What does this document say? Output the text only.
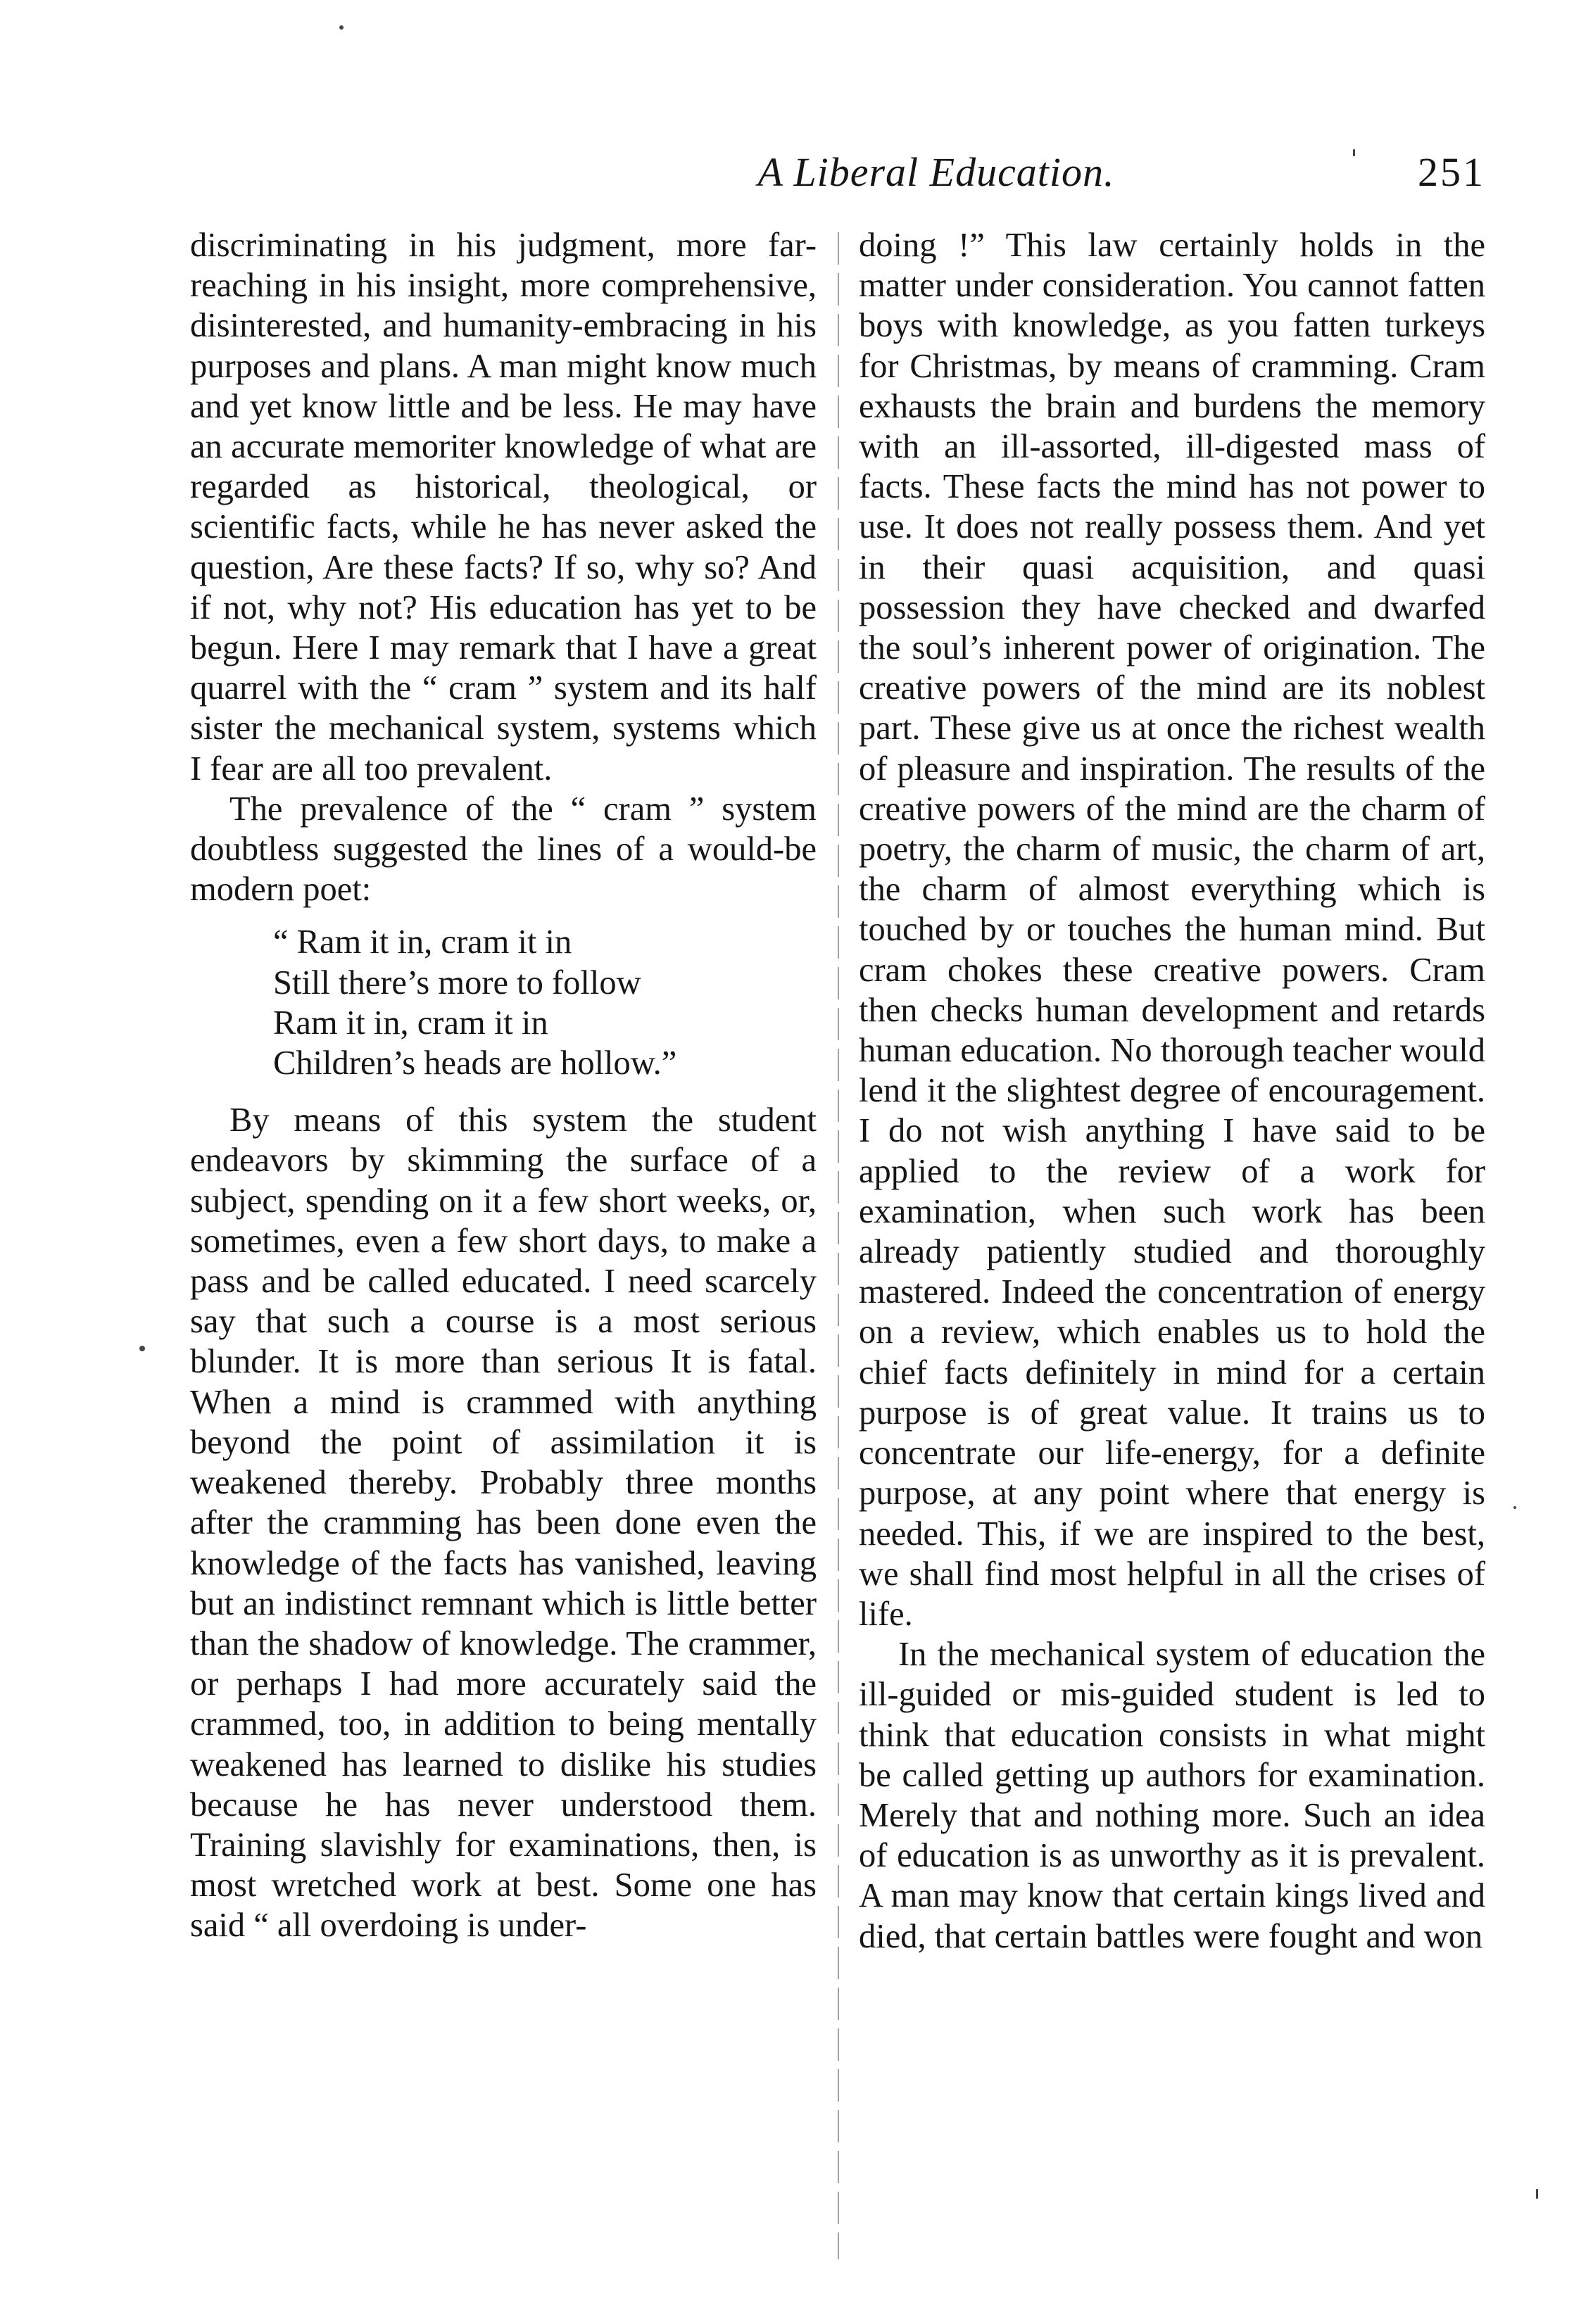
A Liberal Education.	251

discriminating in his judgment, more far-reaching in his insight, more comprehensive, disinterested, and humanity-embracing in his purposes and plans. A man might know much and yet know little and be less. He may have an accurate memoriter knowledge of what are regarded as historical, theological, or scientific facts, while he has never asked the question, Are these facts? If so, why so? And if not, why not? His education has yet to be begun. Here I may remark that I have a great quarrel with the “ cram ” system and its half sister the mechanical system, systems which I fear are all too prevalent.

The prevalence of the “ cram ” system doubtless suggested the lines of a would-be modern poet:

“ Ram it in, cram it in
Still there’s more to follow
Ram it in, cram it in
Children’s heads are hollow.”

By means of this system the student endeavors by skimming the surface of a subject, spending on it a few short weeks, or, sometimes, even a few short days, to make a pass and be called educated. I need scarcely say that such a course is a most serious blunder. It is more than serious It is fatal. When a mind is crammed with anything beyond the point of assimilation it is weakened thereby. Probably three months after the cramming has been done even the knowledge of the facts has vanished, leaving but an indistinct remnant which is little better than the shadow of knowledge. The crammer, or perhaps I had more accurately said the crammed, too, in addition to being mentally weakened has learned to dislike his studies because he has never understood them. Training slavishly for examinations, then, is most wretched work at best. Some one has said “ all overdoing is under-

doing !” This law certainly holds in the matter under consideration. You cannot fatten boys with knowledge, as you fatten turkeys for Christmas, by means of cramming. Cram exhausts the brain and burdens the memory with an ill-assorted, ill-digested mass of facts. These facts the mind has not power to use. It does not really possess them. And yet in their quasi acquisition, and quasi possession they have checked and dwarfed the soul’s inherent power of origination. The creative powers of the mind are its noblest part. These give us at once the richest wealth of pleasure and inspiration. The results of the creative powers of the mind are the charm of poetry, the charm of music, the charm of art, the charm of almost everything which is touched by or touches the human mind. But cram chokes these creative powers. Cram then checks human development and retards human education. No thorough teacher would lend it the slightest degree of encouragement. I do not wish anything I have said to be applied to the review of a work for examination, when such work has been already patiently studied and thoroughly mastered. Indeed the concentration of energy on a review, which enables us to hold the chief facts definitely in mind for a certain purpose is of great value. It trains us to concentrate our life-energy, for a definite purpose, at any point where that energy is needed. This, if we are inspired to the best, we shall find most helpful in all the crises of life.

In the mechanical system of education the ill-guided or mis-guided student is led to think that education consists in what might be called getting up authors for examination. Merely that and nothing more. Such an idea of education is as unworthy as it is prevalent. A man may know that certain kings lived and died, that certain battles were fought and won
